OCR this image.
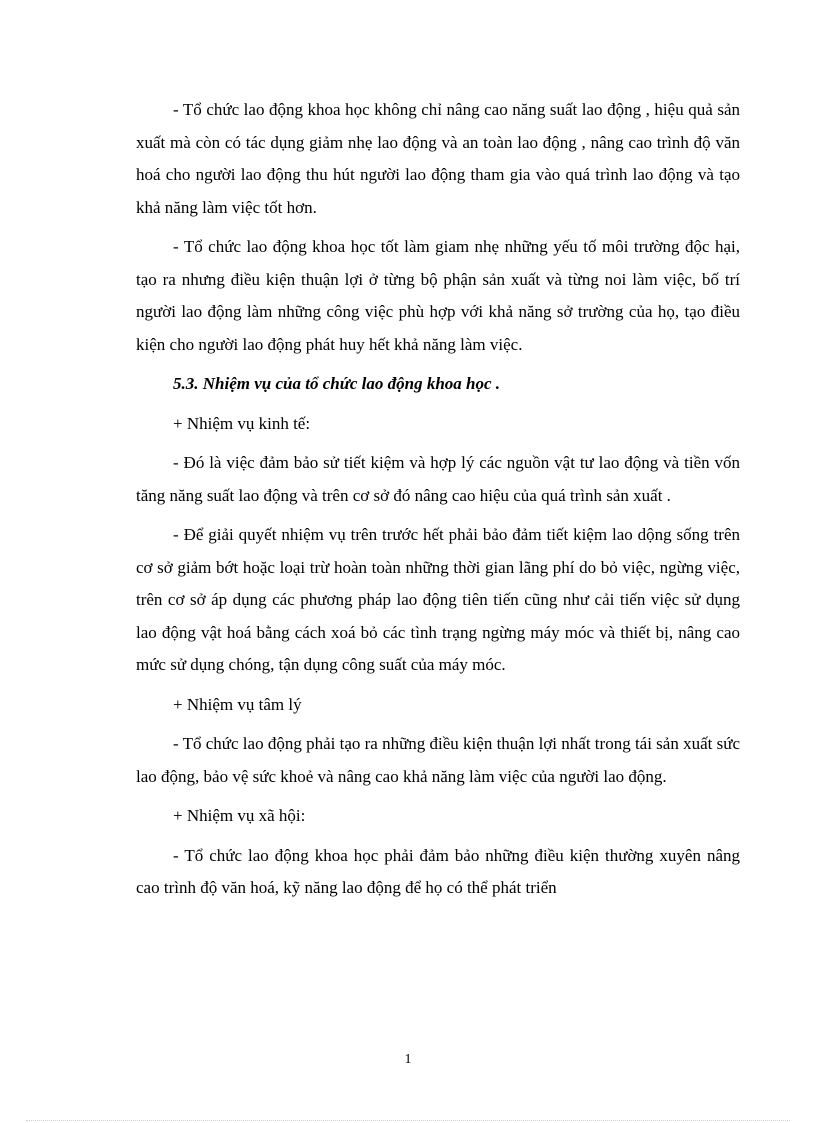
- Tổ chức lao động khoa học không chỉ nâng cao năng suất lao động , hiệu quả sản xuất mà còn có tác dụng giảm nhẹ lao động và an toàn lao động , nâng cao trình độ văn hoá cho người lao động thu hút người lao động tham gia vào quá trình lao động và tạo khả năng làm việc tốt hơn.

- Tổ chức lao động khoa học tốt làm giam nhẹ những yếu tố môi trường độc hại, tạo ra nhưng điều kiện thuận lợi ở từng bộ phận sản xuất và từng noi làm việc, bố trí người lao động làm những công việc phù hợp với khả năng sở trường của họ, tạo điều kiện cho người lao động phát huy hết khả năng làm việc.

5.3. Nhiệm vụ của tổ chức lao động khoa học .

+ Nhiệm vụ kinh tế:

- Đó là việc đảm bảo sử tiết kiệm và hợp lý các nguồn vật tư lao động và tiền vốn tăng năng suất lao động và trên cơ sở đó nâng cao hiệu của quá trình sản xuất .

- Để giải quyết nhiệm vụ trên trước hết phải bảo đảm tiết kiệm lao dộng sống trên cơ sở giảm bớt hoặc loại trừ hoàn toàn những thời gian lãng phí do bỏ việc, ngừng việc, trên cơ sở áp dụng các phương pháp lao động tiên tiến cũng như cải tiến việc sử dụng lao động vật hoá bằng cách xoá bỏ các tình trạng ngừng máy móc và thiết bị, nâng cao mức sử dụng chóng, tận dụng công suất của máy móc.

+ Nhiệm vụ tâm lý

- Tổ chức lao động phải tạo ra những điều kiện thuận lợi nhất trong tái sản xuất sức lao động, bảo vệ sức khoẻ và nâng cao khả năng làm việc của người lao động.

+ Nhiệm vụ xã hội:

- Tổ chức lao động khoa học phải đảm bảo những điều kiện thường xuyên nâng cao trình độ văn hoá, kỹ năng lao động để họ có thể phát triển

1
